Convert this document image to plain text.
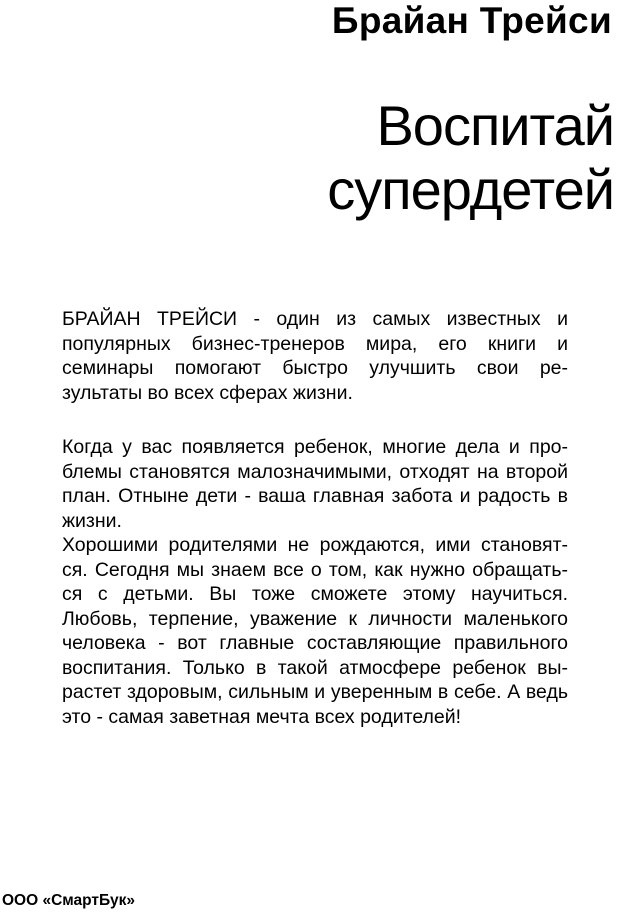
Брайан Трейси
Воспитай
супердетей
БРАЙАН ТРЕЙСИ - один из самых известных и
популярных бизнес-тренеров мира, его книги и
семинары помогают быстро улучшить свои ре-
зультаты во всех сферах жизни.
Когда у вас появляется ребенок, многие дела и про-
блемы становятся малозначимыми, отходят на второй
план. Отныне дети - ваша главная забота и радость в
жизни.
Хорошими родителями не рождаются, ими становят-
ся. Сегодня мы знаем все о том, как нужно обращать-
ся с детьми. Вы тоже сможете этому научиться.
Любовь, терпение, уважение к личности маленького
человека - вот главные составляющие правильного
воспитания. Только в такой атмосфере ребенок вы-
растет здоровым, сильным и уверенным в себе. А ведь
это - самая заветная мечта всех родителей!
ООО «СмартБук»
